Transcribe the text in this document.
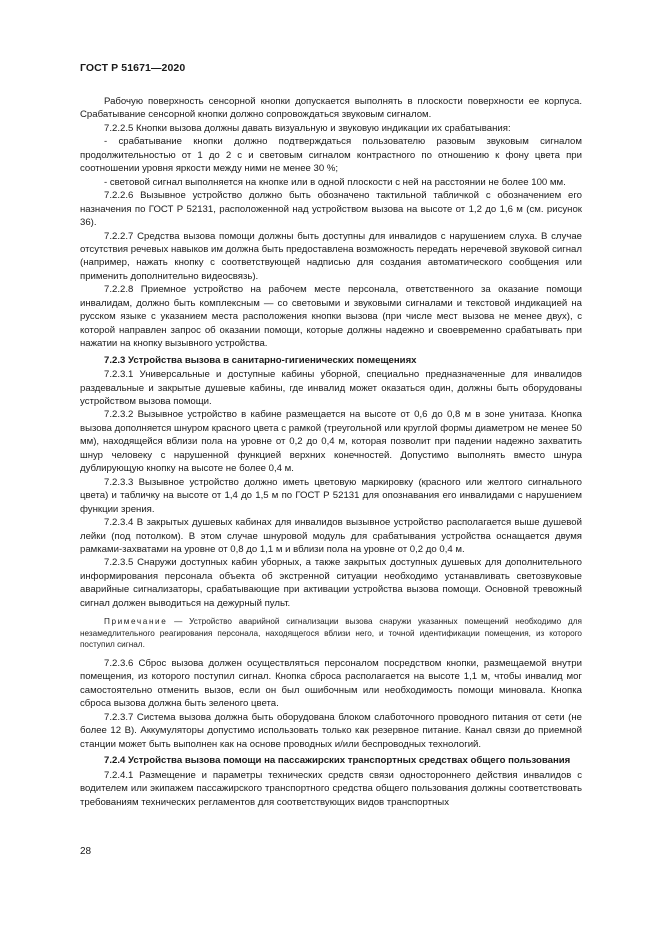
ГОСТ Р 51671—2020

Рабочую поверхность сенсорной кнопки допускается выполнять в плоскости поверхности ее корпуса. Срабатывание сенсорной кнопки должно сопровождаться звуковым сигналом.

7.2.2.5 Кнопки вызова должны давать визуальную и звуковую индикации их срабатывания:

- срабатывание кнопки должно подтверждаться пользователю разовым звуковым сигналом продолжительностью от 1 до 2 с и световым сигналом контрастного по отношению к фону цвета при соотношении уровня яркости между ними не менее 30 %;

- световой сигнал выполняется на кнопке или в одной плоскости с ней на расстоянии не более 100 мм.

7.2.2.6 Вызывное устройство должно быть обозначено тактильной табличкой с обозначением его назначения по ГОСТ Р 52131, расположенной над устройством вызова на высоте от 1,2 до 1,6 м (см. рисунок 36).

7.2.2.7 Средства вызова помощи должны быть доступны для инвалидов с нарушением слуха. В случае отсутствия речевых навыков им должна быть предоставлена возможность передать неречевой звуковой сигнал (например, нажать кнопку с соответствующей надписью для создания автоматического сообщения или применить дополнительно видеосвязь).

7.2.2.8 Приемное устройство на рабочем месте персонала, ответственного за оказание помощи инвалидам, должно быть комплексным — со световыми и звуковыми сигналами и текстовой индикацией на русском языке с указанием места расположения кнопки вызова (при числе мест вызова не менее двух), с которой направлен запрос об оказании помощи, которые должны надежно и своевременно срабатывать при нажатии на кнопку вызывного устройства.

7.2.3 Устройства вызова в санитарно-гигиенических помещениях

7.2.3.1 Универсальные и доступные кабины уборной, специально предназначенные для инвалидов раздевальные и закрытые душевые кабины, где инвалид может оказаться один, должны быть оборудованы устройством вызова помощи.

7.2.3.2 Вызывное устройство в кабине размещается на высоте от 0,6 до 0,8 м в зоне унитаза. Кнопка вызова дополняется шнуром красного цвета с рамкой (треугольной или круглой формы диаметром не менее 50 мм), находящейся вблизи пола на уровне от 0,2 до 0,4 м, которая позволит при падении надежно захватить шнур человеку с нарушенной функцией верхних конечностей. Допустимо выполнять вместо шнура дублирующую кнопку на высоте не более 0,4 м.

7.2.3.3 Вызывное устройство должно иметь цветовую маркировку (красного или желтого сигнального цвета) и табличку на высоте от 1,4 до 1,5 м по ГОСТ Р 52131 для опознавания его инвалидами с нарушением функции зрения.

7.2.3.4 В закрытых душевых кабинах для инвалидов вызывное устройство располагается выше душевой лейки (под потолком). В этом случае шнуровой модуль для срабатывания устройства оснащается двумя рамками-захватами на уровне от 0,8 до 1,1 м и вблизи пола на уровне от 0,2 до 0,4 м.

7.2.3.5 Снаружи доступных кабин уборных, а также закрытых доступных душевых для дополнительного информирования персонала объекта об экстренной ситуации необходимо устанавливать светозвуковые аварийные сигнализаторы, срабатывающие при активации устройства вызова помощи. Основной тревожный сигнал должен выводиться на дежурный пульт.

Примечание — Устройство аварийной сигнализации вызова снаружи указанных помещений необходимо для незамедлительного реагирования персонала, находящегося вблизи него, и точной идентификации помещения, из которого поступил сигнал.

7.2.3.6 Сброс вызова должен осуществляться персоналом посредством кнопки, размещаемой внутри помещения, из которого поступил сигнал. Кнопка сброса располагается на высоте 1,1 м, чтобы инвалид мог самостоятельно отменить вызов, если он был ошибочным или необходимость помощи миновала. Кнопка сброса вызова должна быть зеленого цвета.

7.2.3.7 Система вызова должна быть оборудована блоком слаботочного проводного питания от сети (не более 12 В). Аккумуляторы допустимо использовать только как резервное питание. Канал связи до приемной станции может быть выполнен как на основе проводных и/или беспроводных технологий.

7.2.4 Устройства вызова помощи на пассажирских транспортных средствах общего пользования

7.2.4.1 Размещение и параметры технических средств связи одностороннего действия инвалидов с водителем или экипажем пассажирского транспортного средства общего пользования должны соответствовать требованиям технических регламентов для соответствующих видов транспортных

28
